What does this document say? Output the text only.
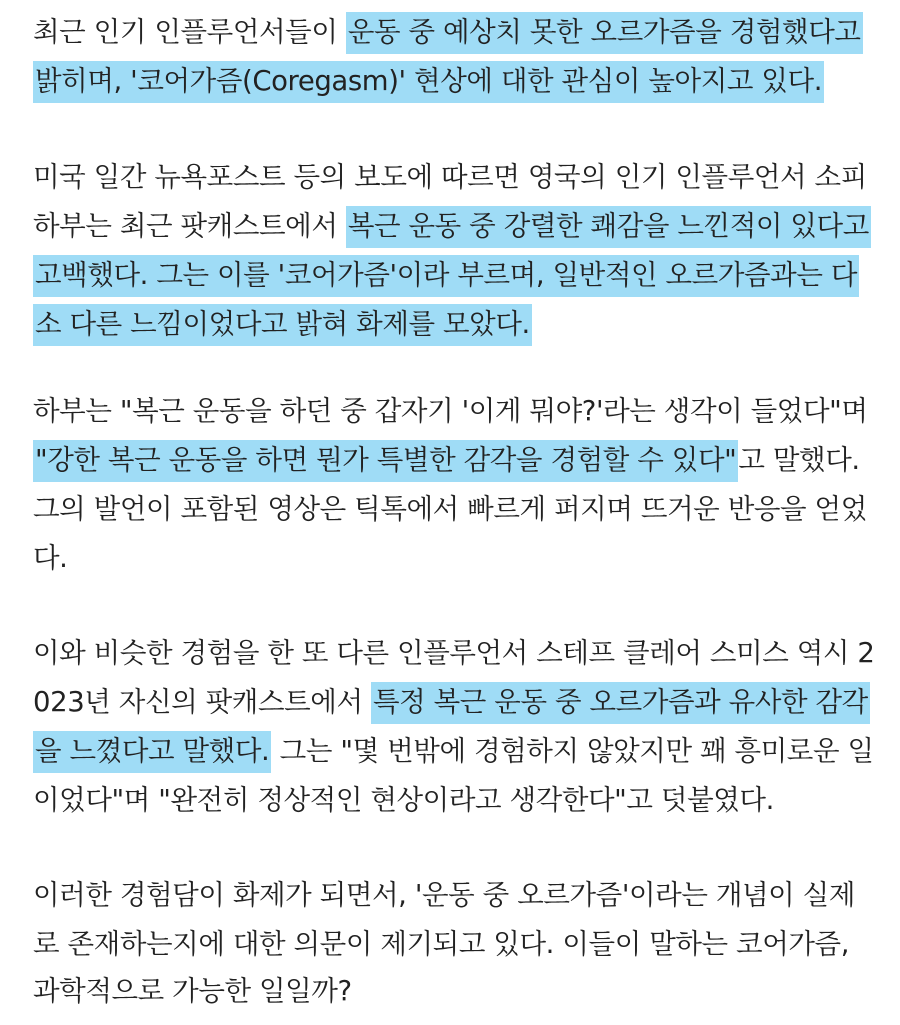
최근 인기 인플루언서들이 운동 중 예상치 못한 오르가즘을 경험했다고

밝히며, '코어가즘(Coregasm)' 현상에 대한 관심이 높아지고 있다.

미국 일간 뉴욕포스트 등의 보도에 따르면 영국의 인기 인플루언서 소피

하부는 최근 팟캐스트에서 복근 운동 중 강렬한 쾌감을 느낀적이 있다고

고백했다. 그는 이를 '코어가즘'이라 부르며, 일반적인 오르가즘과는 다

소 다른 느낌이었다고 밝혀 화제를 모았다.

하부는 "복근 운동을 하던 중 갑자기 '이게 뭐야?'라는 생각이 들었다"며

"강한 복근 운동을 하면 뭔가 특별한 감각을 경험할 수 있다"고 말했다.

그의 발언이 포함된 영상은 틱톡에서 빠르게 퍼지며 뜨거운 반응을 얻었

다.

이와 비슷한 경험을 한 또 다른 인플루언서 스테프 클레어 스미스 역시 2

023년 자신의 팟캐스트에서 특정 복근 운동 중 오르가즘과 유사한 감각

을 느꼈다고 말했다. 그는 "몇 번밖에 경험하지 않았지만 꽤 흥미로운 일

이었다"며 "완전히 정상적인 현상이라고 생각한다"고 덧붙였다.

이러한 경험담이 화제가 되면서, '운동 중 오르가즘'이라는 개념이 실제

로 존재하는지에 대한 의문이 제기되고 있다. 이들이 말하는 코어가즘,

과학적으로 가능한 일일까?
